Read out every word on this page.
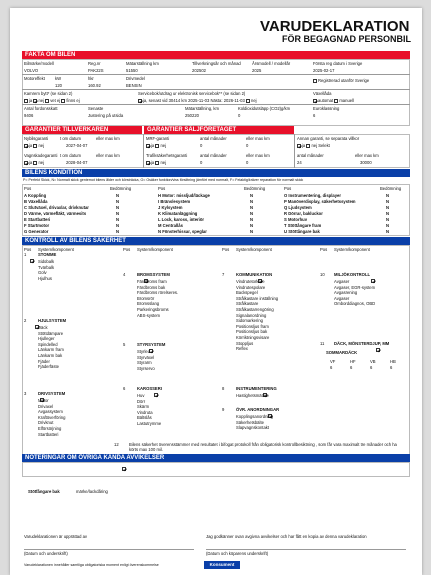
VARUDEKLARATION
FÖR BEGAGNAD PERSONBIL
FAKTA OM BILEN
Bilmärke/modell
VOLVO
Reg.nr
PAK22S
Mätarställning km
51550
Tillverkningsår och månad
202502
Årsmodell / modellår
2025
Första reg datum i Sverige
2025-02-17
Motoreffekt kW
120
hkr
160.92
Drivmedel
BENSIN
Registrerad utanför Sverige
Kamrem bytt* (se sidan 2)
ja nej vet ej finns ej
Servicebok/utdrag ur elektronisk servicebok** (se sidan 2)
ja, senast vid 30414 km 2025-11-03 Nästa: 2026-11-03 nej
Växellåda
automat manuell
Antal fordonsskatt
9406
Senaste
Justering på utsida
Mätarställning, km
250220
Koldioxidutsläpp (CO2)g/km
0
Euroklassning
6
GARANTIER TILLVERKAREN	GARANTIER SÄLJFÖRETAGET
Nybilsgaranti	t om datum	eller max km
ja nej	2027-04-07
Vagnskadegaranti t om datum	eller max km
ja nej	2028-04-07
MRF-garanti	antal månader	eller max km
ja nej	0	0
Trafiksäkerhetsgaranti	antal månader	eller max km
ja nej	0	0
Annan garanti, se separata villkor
ja nej Selekt
antal månader	eller max km
24	30000
BILENS KONDITION
P= Perfekt Skick, N= Normalt skick gentemot bilens ålder och körsträcka, O= Osäker funktion/viss förslitning jämfört med normalt, F= Felaktig/kräver reparation för normalt skick
Pos	Bedömning	Pos	Bedömning	Pos	Bedömning
A Koppling	N
B Växellåda	N
C Slutväxel, drivaxlar, drivknutar	N
D Värme, värmefläkt, värmesits	N
E Startbatteri	N
F Startmotor	N
G Generator	N
H Motor: missljud/läckage	N
I Bränslesystem	N
J Kylsystem	N
K Klimatanläggning	N
L Lock, kaross, interiör	N
M Centrallås	N
N Fönsterhissar, speglar	N
O Instrumentering, displayer	N
P Manöverdisplay, säkerhetssystem	N
Q Ljudsystem	N
R Dörrar, bakluckor	N
S Motorhuv	N
T Stöttångare fram	N
U Stöttångare bak	N
KONTROLL AV BILENS SÄKERHET
Pos System/komponent	Pos System/komponent	Pos System/komponent	Pos System/komponent
1	STOMME
Sidobalk
Tvärbalk
Golv
Hjulhus
2	HJULSYSTEM
Däck
Stöttdämpare
Hjulleger
Spindelled
Länkarm fram
Länkarm bak
Fjäder
Fjäderfäste
3	DRIVSYSTEM
Motor
Drivaxel
Avgassystem
Kraftöverföring
Drivknut
Elförsörjning
Startbatteri
4	BROMSSYSTEM
Färdbroms fram
Färdbroms bak
Färdbroms rörelseres.
Bromsrör
Bromsslang
Parkeringsbroms
ABS-system
5	STYRSYSTEM
Styrled
Styrväxel
Styrarm
Styrservo
6	KAROSSERI
Huv
Dörr
Skärm
Vindruta
Bältslås
Lastutrymme
7	KOMMUNIKATION
Vindrutetorkare
Vindrutespolare
Backspegel
Strålkastare inställning
Strålkastare
Strålkastarrengöring
Signalanordning
Sidomarkering
Positionsljus fram
Positionsljus bak
Körriktningsvisare
Stoppljus
Reflex
8	INSTRUMENTERING
Hastighetsmätare
9	ÖVR. ANORDNINGAR
Kopplingsanordning
Säkerhetsbälte
Slapvagnskontakt
10 MILJÖKONTROLL
Avgaser
Avgaser, EGR-system
Avgasrening
Avgaser
Omborddiagnos, OBD
11 DÄCK, MÖNSTERDJUP, MM
SOMMARDÄCK
VF
6
HF
6
VB
6
HB
6
12 Bilens säkerhet överensstämmer med resultatet i bifogat protokoll från obligatorisk kontrollbesiktning , som får vara maximalt tre månader och ha körts max 100 mil.
NOTERINGAR OM ÖVRIGA KÄNDA AVVIKELSER
Stötfångare bak	märke/lackdåring
Varudeklarationen är upprättad av	Jag godkänner ovan avgivna avvikelser och har fått en kopia av denna varudeklaration
(Datum och underskrift)	(Datum och köparens underskrift)
Varudeklarationen innehåller samtliga obligatoriska moment enligt överenskommelse	Konsument
